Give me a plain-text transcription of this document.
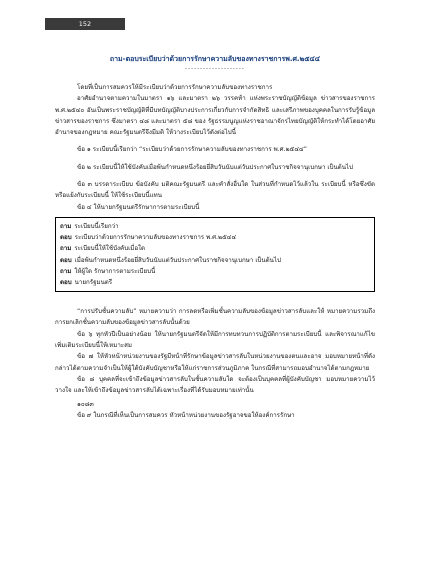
152
ถาม-ตอบระเบียบว่าด้วยการรักษาความลับของทางราชการพ.ศ.๒๕๔๔
--------------------

โดยที่เป็นการสมควรให้มีระเบียบว่าด้วยการรักษาความลับของทางราชการ

อาศัยอำนาจตามความในมาตรา ๑๖ และมาตรา ๒๖ วรรคท้า แห่งพระราชบัญญัติข้อมูล ข่าวสารของราชการ พ.ศ.๒๕๔๐ อันเป็นพระราชบัญญัติที่มีบทบัญญัติบางประการเกี่ยวกับการจำกัดสิทธิ และเสรีภาพของบุคคลในการรับรู้ข้อมูลข่าวสารของราชการ ซึ่งมาตรา ๔๘ และมาตรา ๕๘ ของ รัฐธรรมนูญแห่งราชอาณาจักรไทยบัญญัติให้กระทำได้โดยอาศัยอำนาจของกฎหมาย คณะรัฐมนตรีจึงมีมติ ให้วางระเบียบไว้ดังต่อไปนี้

ข้อ ๑ ระเบียบนี้เรียกว่า “ระเบียบว่าด้วยการรักษาความลับของทางราชการ พ.ศ.๒๕๔๔”

ข้อ ๒ ระเบียบนี้ให้ใช้บังคับเมื่อพ้นกำหนดหนึ่งร้อยยี่สิบวันนับแต่วันประกาศในราชกิจจานุเบกษา เป็นต้นไป

ข้อ ๓ บรรดาระเบียบ ข้อบังคับ มติคณะรัฐมนตรี และคำสั่งอื่นใด ในส่วนที่กำหนดไว้แล้วใน ระเบียบนี้ หรือซึ่งขัดหรือแย้งกับระเบียบนี้ ให้ใช้ระเบียบนี้แทน

ข้อ ๔ ให้นายกรัฐมนตรีรักษาการตามระเบียบนี้

ถาม ระเบียบนี้เรียกว่า

ตอบ ระเบียบว่าด้วยการรักษาความลับของทางราชการ พ.ศ.๒๕๔๔

ถาม ระเบียบนี้ให้ใช้บังคับเมื่อใด

ตอบ เมื่อพ้นกำหนดหนึ่งร้อยยี่สิบวันนับแต่วันประกาศในราชกิจจานุเบกษา เป็นต้นไป

ถาม ให้ผู้ใด รักษาการตามระเบียบนี้

ตอบ นายกรัฐมนตรี

“การปรับชั้นความลับ” หมายความว่า การลดหรือเพิ่มชั้นความลับของข้อมูลข่าวสารลับและให้ หมายความรวมถึงการยกเลิกชั้นความลับของข้อมูลข่าวสารลับนั้นด้วย

ข้อ ๖ ทุกหัวปีเป็นอย่างน้อย ให้นายกรัฐมนตรีจัดให้มีการทบทวนการปฏิบัติการตามระเบียบนี้ และพิจารณาแก้ไขเพิ่มเติมระเบียบนี้ให้เหมาะสม

ข้อ ๗ ให้หัวหน้าหน่วยงานของรัฐมีหน้าที่รักษาข้อมูลข่าวสารลับในหน่วยงานของตนและอาจ มอบหมายหน้าที่ดังกล่าวได้ตามความจำเป็นให้ผู้ใต้บังคับบัญชาหรือให้แก่ราชการส่วนภูมิภาค ในกรณีที่สามารถมอบอำนาจได้ตามกฎหมาย

ข้อ ๘ บุคคลที่จะเข้าถึงข้อมูลข่าวสารลับในชั้นความลับใด จะต้องเป็นบุคคลที่ผู้บังคับบัญชา มอบหมายความไว้วางใจ และให้เข้าถึงข้อมูลข่าวสารลับได้เฉพาะเรื่องที่ได้รับมอบหมายเท่านั้น

๑๐๘๓

ข้อ ๙ ในกรณีที่เห็นเป็นการสมควร หัวหน้าหน่วยงานของรัฐอาจขอให้องค์การรักษา
